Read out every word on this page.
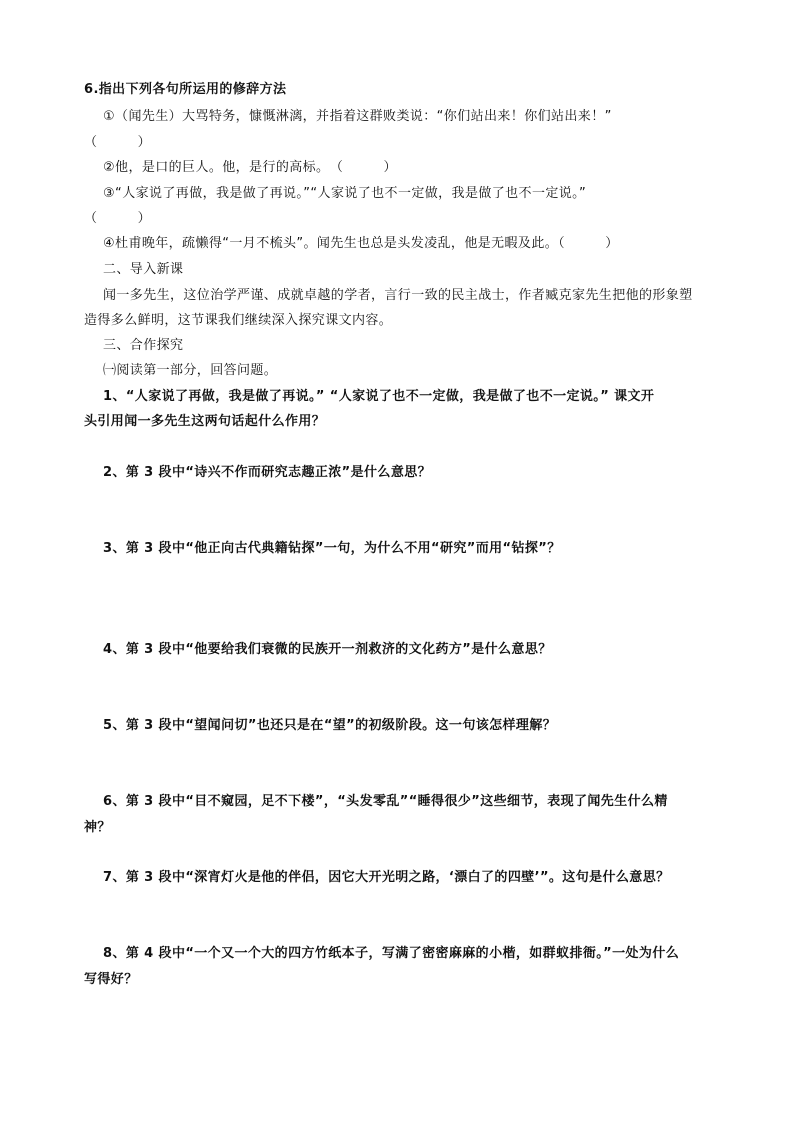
6.指出下列各句所运用的修辞方法
①（闻先生）大骂特务，慷慨淋漓，并指着这群败类说：“你们站出来！你们站出来！”
（　　　）
②他，是口的巨人。他，是行的高标。　（　　　）
③“人家说了再做，我是做了再说。”“人家说了也不一定做，我是做了也不一定说。”
（　　　）
④杜甫晚年，疏懒得“一月不梳头”。闻先生也总是头发凌乱，他是无暇及此。（　　　）
二、导入新课
闻一多先生，这位治学严谨、成就卓越的学者，言行一致的民主战士，作者臧克家先生把他的形象塑
造得多么鲜明，这节课我们继续深入探究课文内容。
三、合作探究
㈠阅读第一部分，回答问题。
1、“人家说了再做，我是做了再说。” “人家说了也不一定做，我是做了也不一定说。” 课文开
头引用闻一多先生这两句话起什么作用？
2、第 3 段中“诗兴不作而研究志趣正浓”是什么意思？
3、第 3 段中“他正向古代典籍钻探”一句，为什么不用“研究”而用“钻探”？
4、第 3 段中“他要给我们衰微的民族开一剂救济的文化药方”是什么意思？
5、第 3 段中“望闻问切”也还只是在“望”的初级阶段。这一句该怎样理解？
6、第 3 段中“目不窥园，足不下楼”，“头发零乱”“睡得很少”这些细节，表现了闻先生什么精
神？
7、第 3 段中“深宵灯火是他的伴侣，因它大开光明之路，‘漂白了的四壁’”。这句是什么意思？
8、第 4 段中“一个又一个大的四方竹纸本子，写满了密密麻麻的小楷，如群蚁排衙。”一处为什么
写得好？
